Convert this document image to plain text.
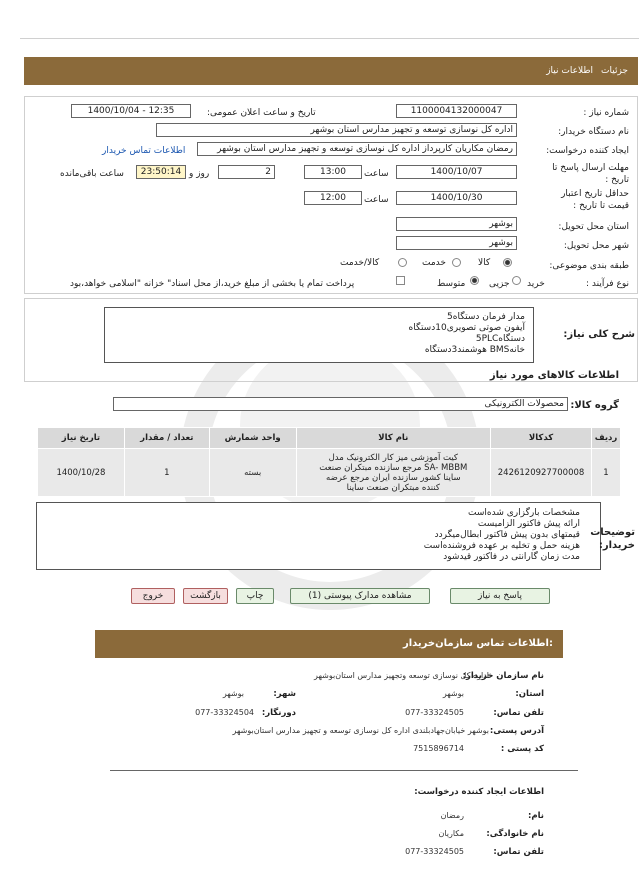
جزئیات
اطلاعات نیاز
شماره نیاز :
1100004132000047
تاریخ و ساعت اعلان عمومی:
1400/10/04 - 12:35
نام دستگاه خریدار:
اداره کل نوسازی توسعه و تجهیز مدارس استان بوشهر
ایجاد کننده درخواست:
رمضان مکاریان کارپرداز اداره کل نوسازی توسعه و تجهیز مدارس استان بوشهر
اطلاعات تماس خریدار
مهلت ارسال پاسخ تا
تاریخ :
1400/10/07
ساعت
13:00
2
روز و
23:50:14
ساعت باقی‌مانده
حداقل تاریخ اعتبار
قیمت تا تاریخ :
1400/10/30
ساعت
12:00
استان محل تحویل:
بوشهر
شهر محل تحویل:
بوشهر
طبقه بندی موضوعی:
کالا
خدمت
کالا/خدمت
نوع فرآیند :
خرید
جزیی
متوسط
پرداخت تمام یا بخشی از مبلغ خرید،از محل اسناد" خزانه "اسلامی خواهد،بود
مدار فرمان دستگاه5
آیفون صوتی تصویری10دستگاه
دستگاه5PLC
خانهBMS هوشمند3دستگاه
شرح کلی نیاز:
اطلاعات کالاهای مورد نیاز
گروه کالا:
محصولات الکترونیکی
ردیف	کدکالا	نام کالا	واحد شمارش	تعداد / مقدار	تاریخ نیاز
1	2426120927700008	کیت آموزشی میز کار الکترونیک مدل
SA- MBBM مرجع سازنده مبتکران صنعت
ساینا کشور سازنده ایران مرجع عرضه
کننده مبتکران صنعت ساینا	بسته	1	1400/10/28
مشخصات بارگزاری شده‌است
ارائه پیش فاکتور الزامیست
قیمتهای بدون پیش فاکتور ابطال‌میگردد
هزینه حمل و تخلیه بر عهده فروشنده‌است
مدت زمان گارانتی در فاکتور قیدشود
توضیحات
خریدار:
پاسخ به نیاز
مشاهده مدارک پیوستی (1)
چاپ
بازگشت
خروج
اطلاعات تماس سازمان‌خریدار:
نام سازمان خریدار:
اداره کل نوسازی توسعه وتجهیز مدارس استان‌بوشهر
استان:
بوشهر
شهر:
بوشهر
تلفن تماس:
077-33324505
دورنگار:
077-33324504
آدرس پستی:
بوشهر خیابان‌جهاد‌بلندی اداره کل نوسازی توسعه و تجهیز مدارس استان‌بوشهر
کد پستی :
7515896714
اطلاعات ایجاد کننده درخواست:
نام:
رمضان
نام خانوادگی:
مکاریان
تلفن تماس:
077-33324505
